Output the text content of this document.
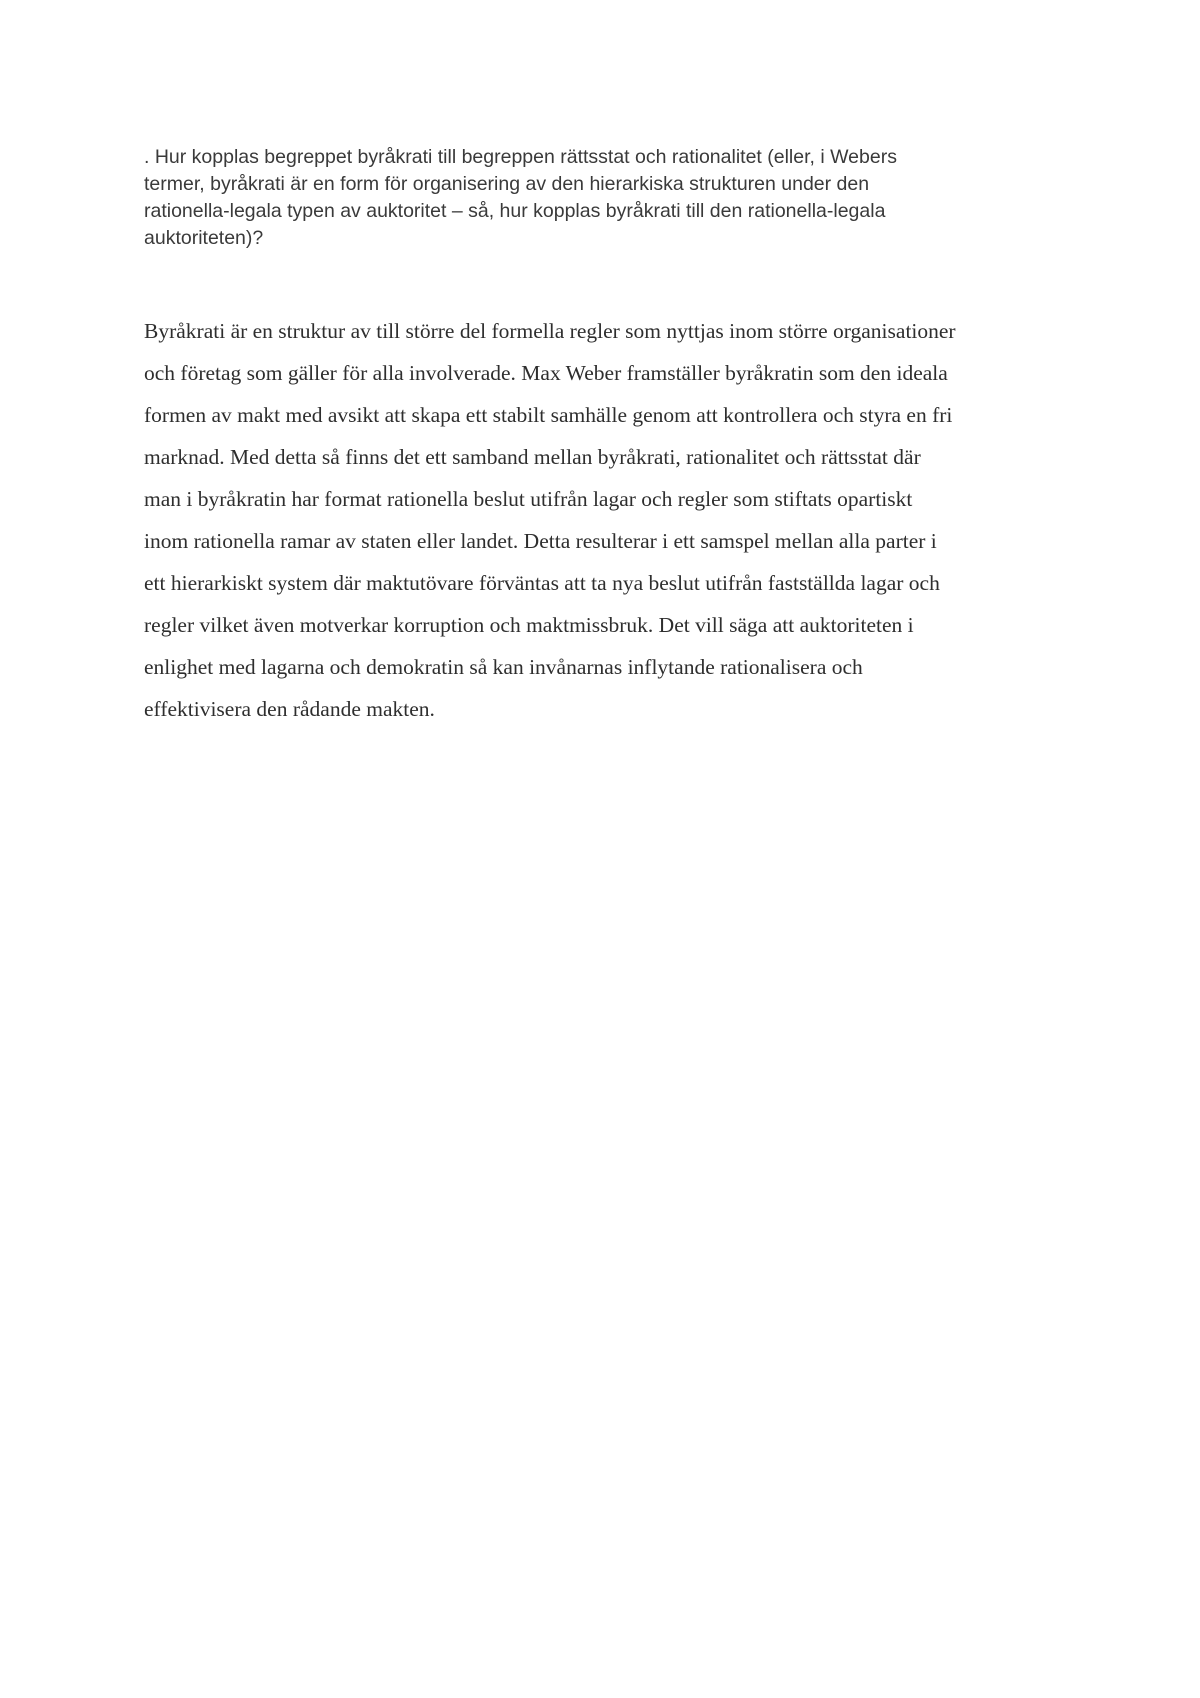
. Hur kopplas begreppet byråkrati till begreppen rättsstat och rationalitet (eller, i Webers
termer, byråkrati är en form för organisering av den hierarkiska strukturen under den
rationella-legala typen av auktoritet – så, hur kopplas byråkrati till den rationella-legala
auktoriteten)?

Byråkrati är en struktur av till större del formella regler som nyttjas inom större organisationer
och företag som gäller för alla involverade. Max Weber framställer byråkratin som den ideala
formen av makt med avsikt att skapa ett stabilt samhälle genom att kontrollera och styra en fri
marknad. Med detta så finns det ett samband mellan byråkrati, rationalitet och rättsstat där
man i byråkratin har format rationella beslut utifrån lagar och regler som stiftats opartiskt
inom rationella ramar av staten eller landet. Detta resulterar i ett samspel mellan alla parter i
ett hierarkiskt system där maktutövare förväntas att ta nya beslut utifrån fastställda lagar och
regler vilket även motverkar korruption och maktmissbruk. Det vill säga att auktoriteten i
enlighet med lagarna och demokratin så kan invånarnas inflytande rationalisera och
effektivisera den rådande makten.
